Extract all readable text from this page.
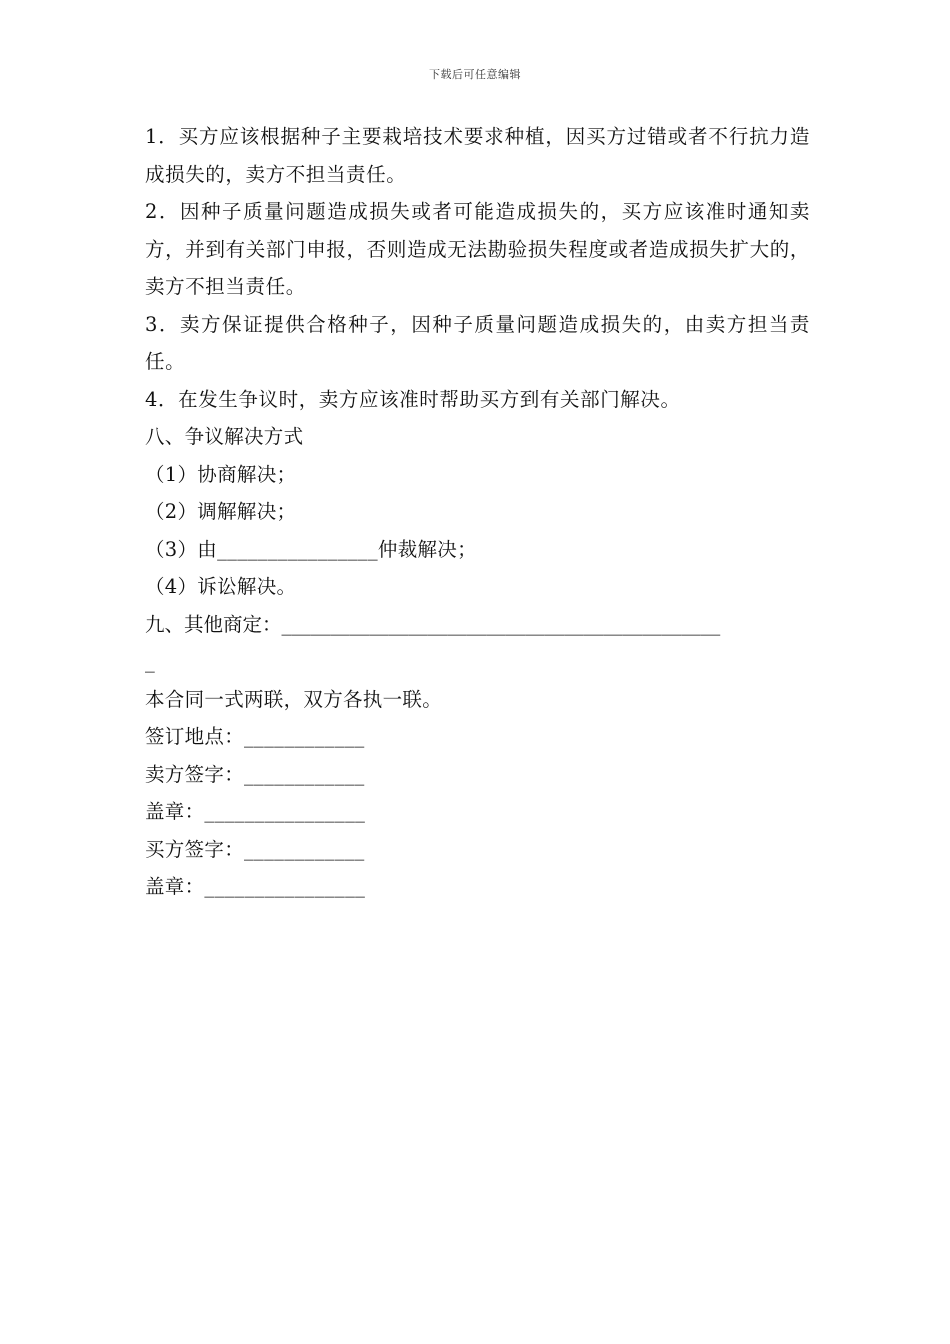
下载后可任意编辑

1．买方应该根据种子主要栽培技术要求种植，因买方过错或者不行抗力造成损失的，卖方不担当责任。

2．因种子质量问题造成损失或者可能造成损失的，买方应该准时通知卖方，并到有关部门申报，否则造成无法勘验损失程度或者造成损失扩大的，卖方不担当责任。

3．卖方保证提供合格种子，因种子质量问题造成损失的，由卖方担当责任。

4．在发生争议时，卖方应该准时帮助买方到有关部门解决。

八、争议解决方式

（1）协商解决；

（2）调解解决；

（3）由________________仲裁解决；

（4）诉讼解决。

九、其他商定：_____________________________________________

_

本合同一式两联，双方各执一联。

签订地点：____________

卖方签字：____________

盖章：________________

买方签字：____________

盖章：________________
